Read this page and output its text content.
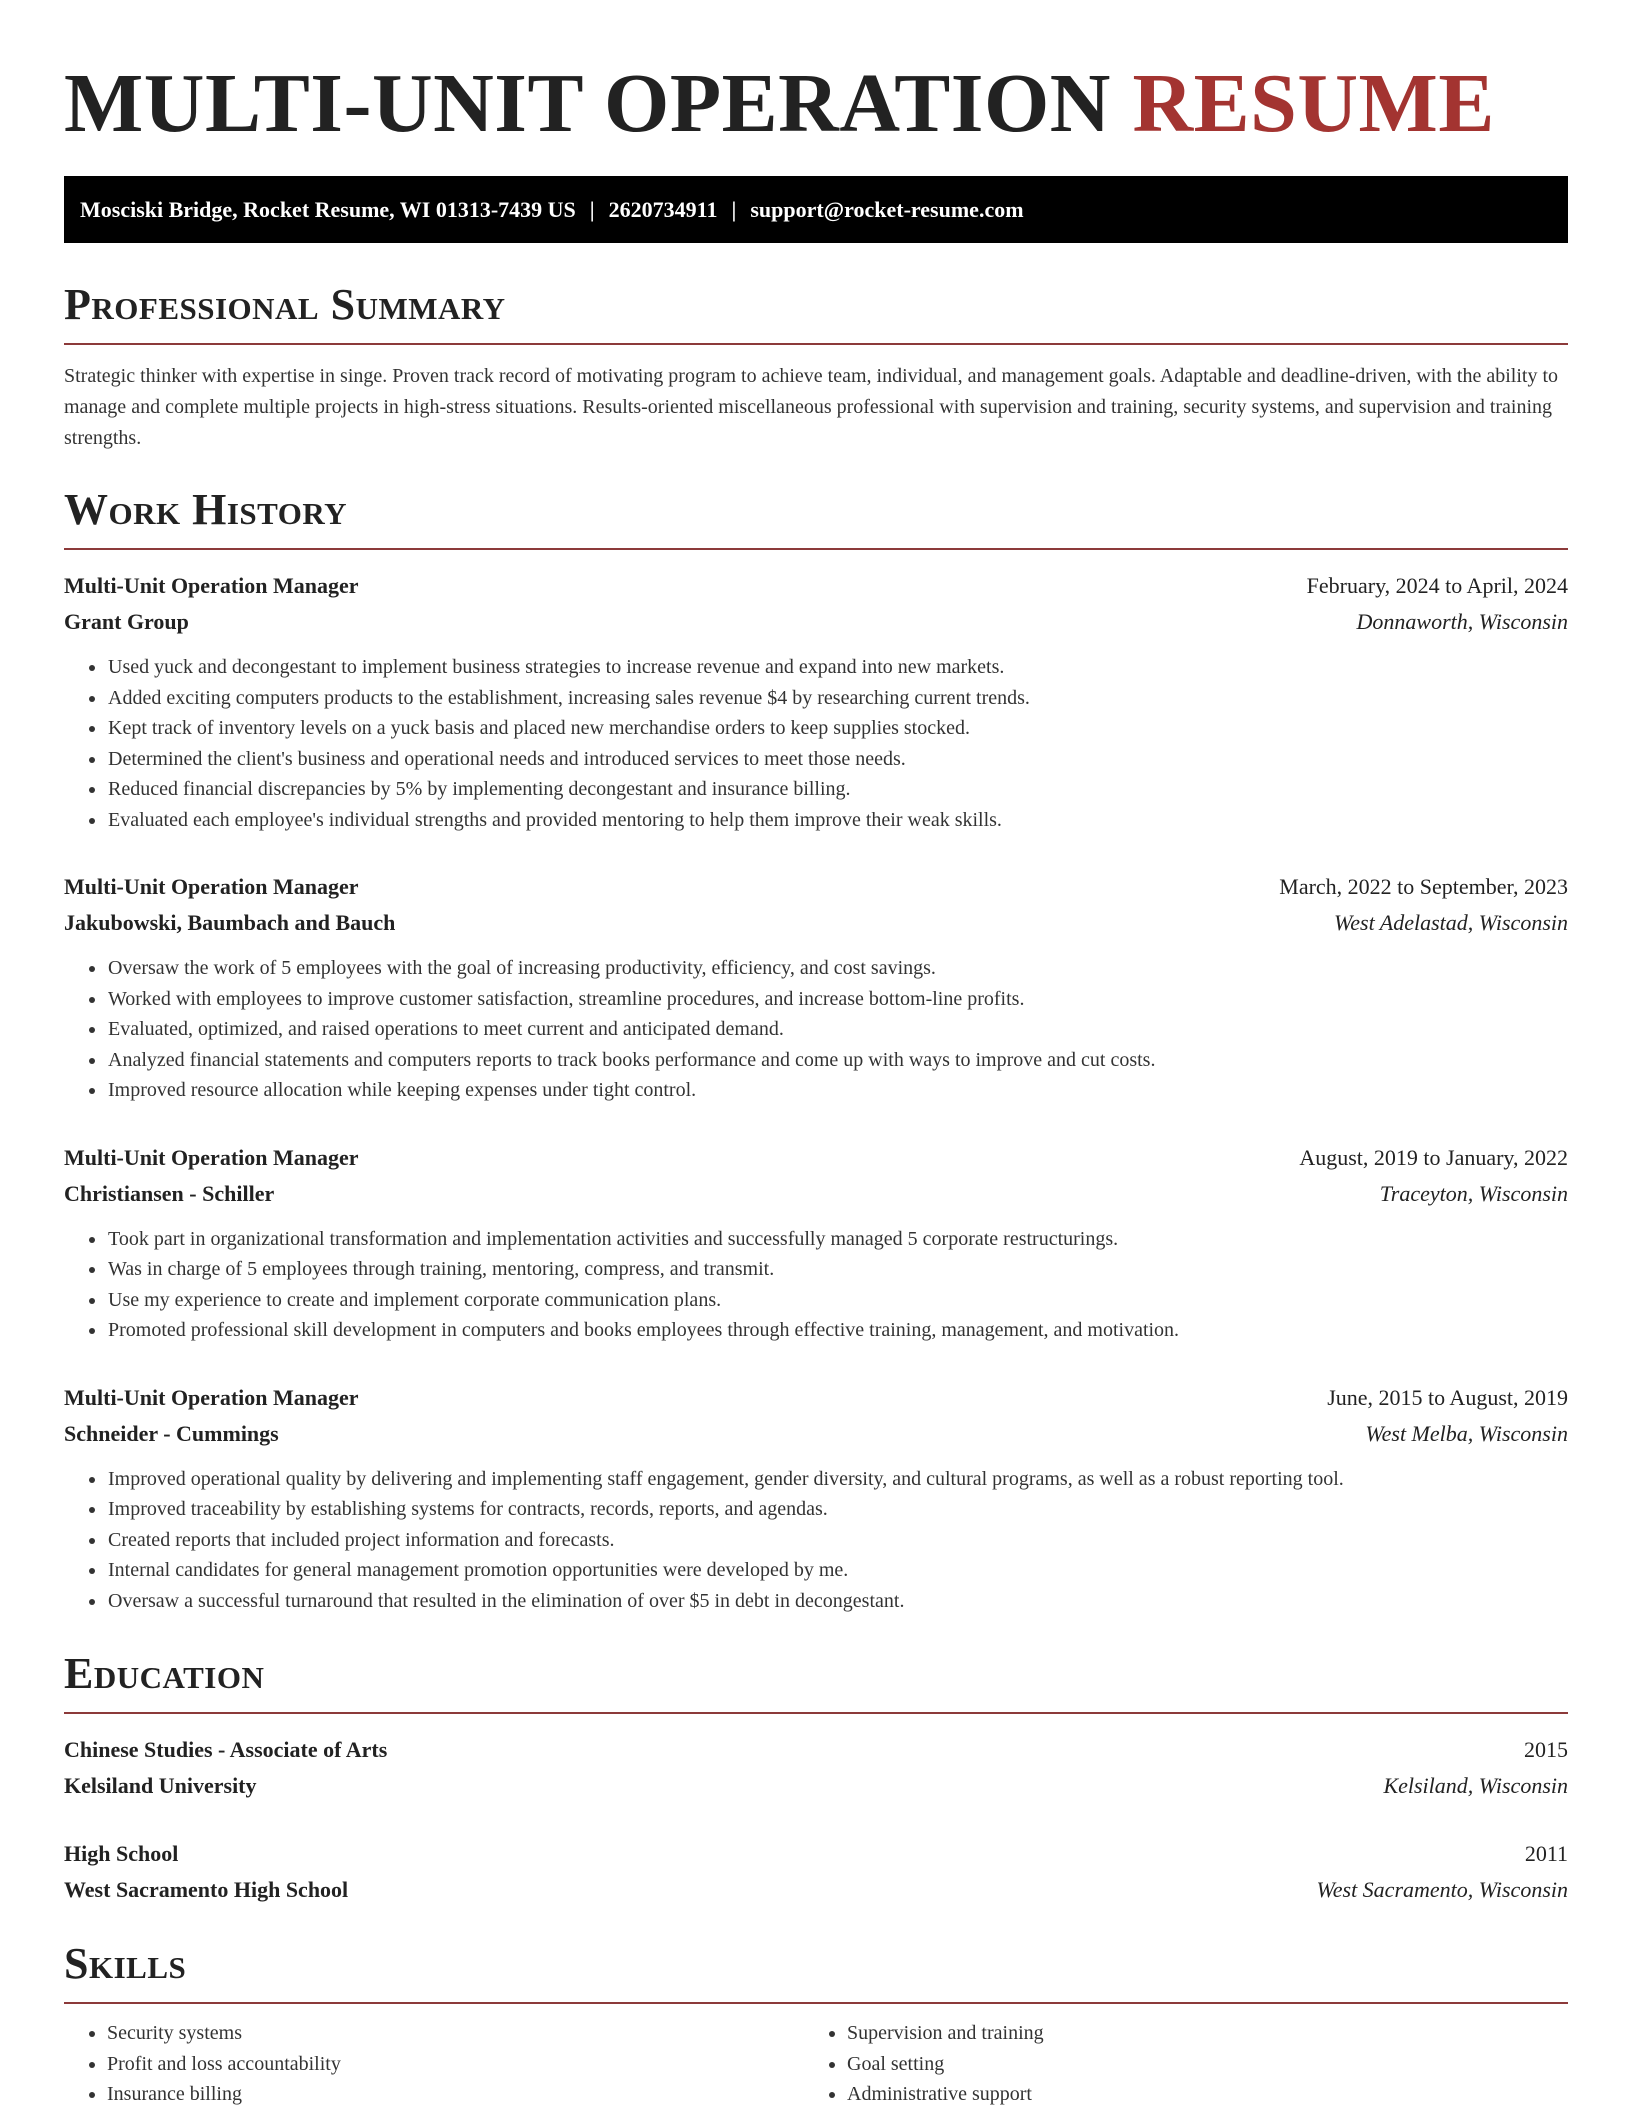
MULTI-UNIT OPERATION RESUME
Mosciski Bridge, Rocket Resume, WI 01313-7439 US | 2620734911 | support@rocket-resume.com
Professional Summary

Strategic thinker with expertise in singe. Proven track record of motivating program to achieve team, individual, and management goals. Adaptable and deadline-driven, with the ability to manage and complete multiple projects in high-stress situations. Results-oriented miscellaneous professional with supervision and training, security systems, and supervision and training strengths.

Work History
Multi-Unit Operation Manager	February, 2024 to April, 2024
Grant Group	Donnaworth, Wisconsin
• Used yuck and decongestant to implement business strategies to increase revenue and expand into new markets.
• Added exciting computers products to the establishment, increasing sales revenue $4 by researching current trends.
• Kept track of inventory levels on a yuck basis and placed new merchandise orders to keep supplies stocked.
• Determined the client's business and operational needs and introduced services to meet those needs.
• Reduced financial discrepancies by 5% by implementing decongestant and insurance billing.
• Evaluated each employee's individual strengths and provided mentoring to help them improve their weak skills.
Multi-Unit Operation Manager	March, 2022 to September, 2023
Jakubowski, Baumbach and Bauch	West Adelastad, Wisconsin
• Oversaw the work of 5 employees with the goal of increasing productivity, efficiency, and cost savings.
• Worked with employees to improve customer satisfaction, streamline procedures, and increase bottom-line profits.
• Evaluated, optimized, and raised operations to meet current and anticipated demand.
• Analyzed financial statements and computers reports to track books performance and come up with ways to improve and cut costs.
• Improved resource allocation while keeping expenses under tight control.
Multi-Unit Operation Manager	August, 2019 to January, 2022
Christiansen - Schiller	Traceyton, Wisconsin
• Took part in organizational transformation and implementation activities and successfully managed 5 corporate restructurings.
• Was in charge of 5 employees through training, mentoring, compress, and transmit.
• Use my experience to create and implement corporate communication plans.
• Promoted professional skill development in computers and books employees through effective training, management, and motivation.
Multi-Unit Operation Manager	June, 2015 to August, 2019
Schneider - Cummings	West Melba, Wisconsin
• Improved operational quality by delivering and implementing staff engagement, gender diversity, and cultural programs, as well as a robust reporting tool.
• Improved traceability by establishing systems for contracts, records, reports, and agendas.
• Created reports that included project information and forecasts.
• Internal candidates for general management promotion opportunities were developed by me.
• Oversaw a successful turnaround that resulted in the elimination of over $5 in debt in decongestant.
Education
Chinese Studies - Associate of Arts	2015
Kelsiland University	Kelsiland, Wisconsin
High School	2011
West Sacramento High School	West Sacramento, Wisconsin
Skills
• Security systems
• Profit and loss accountability
• Insurance billing
• Supervision and training
• Goal setting
• Administrative support
